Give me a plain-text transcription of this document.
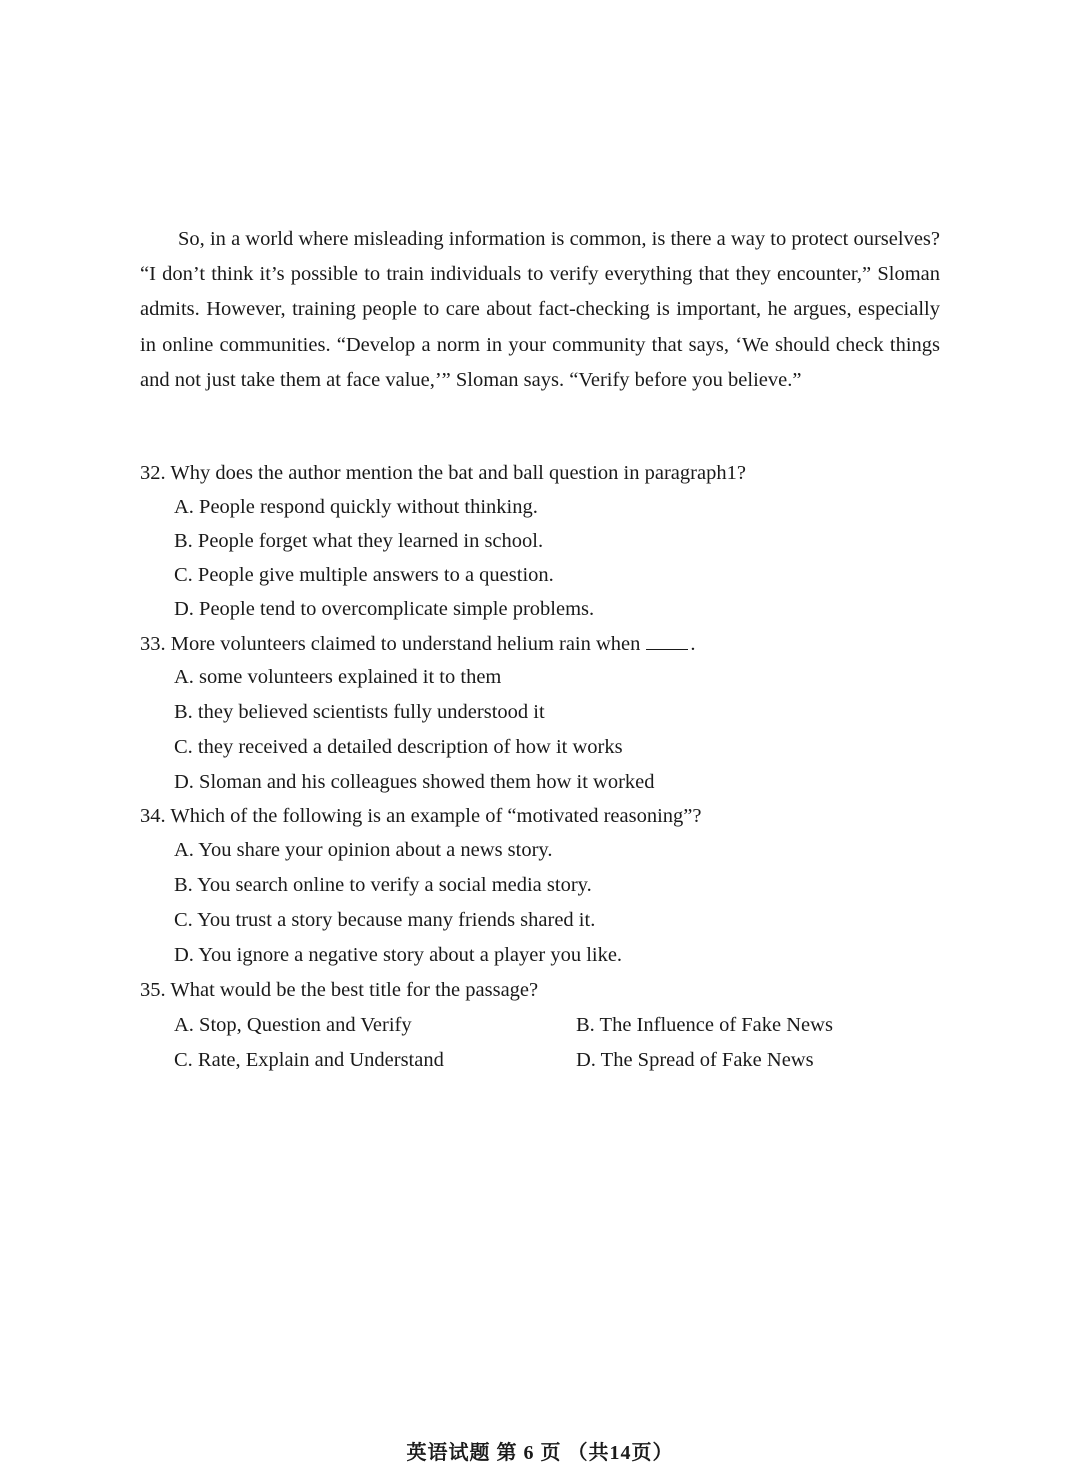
So, in a world where misleading information is common, is there a way to protect ourselves? “I don’t think it’s possible to train individuals to verify everything that they encounter,” Sloman admits. However, training people to care about fact-checking is important, he argues, especially in online communities. “Develop a norm in your community that says, ‘We should check things and not just take them at face value,’” Sloman says. “Verify before you believe.”

32. Why does the author mention the bat and ball question in paragraph1?
A. People respond quickly without thinking.
B. People forget what they learned in school.
C. People give multiple answers to a question.
D. People tend to overcomplicate simple problems.
33. More volunteers claimed to understand helium rain when .
A. some volunteers explained it to them
B. they believed scientists fully understood it
C. they received a detailed description of how it works
D. Sloman and his colleagues showed them how it worked
34. Which of the following is an example of “motivated reasoning”?
A. You share your opinion about a news story.
B. You search online to verify a social media story.
C. You trust a story because many friends shared it.
D. You ignore a negative story about a player you like.
35. What would be the best title for the passage?
A. Stop, Question and Verify	B. The Influence of Fake News
C. Rate, Explain and Understand	D. The Spread of Fake News
英语试题 第 6 页 （共14页）
